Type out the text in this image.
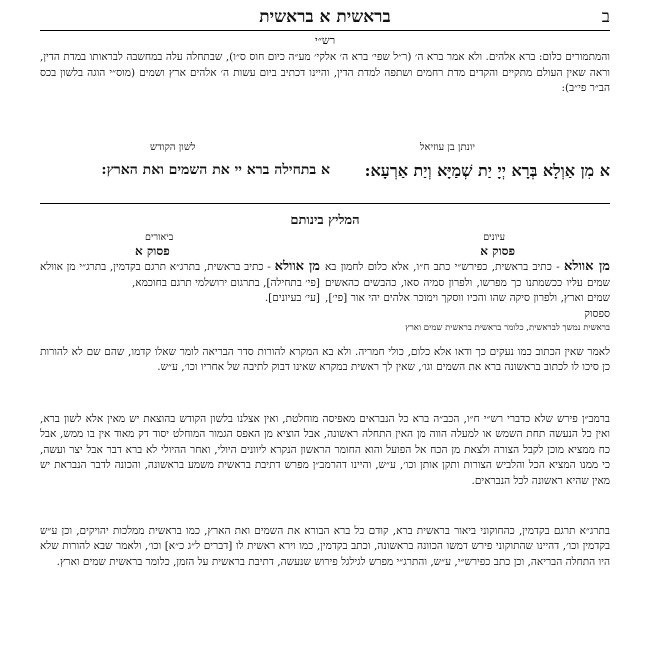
ב
בראשית א בראשית
רש״י
והמתמורים כלום: ברא אלהים. ולא אמר ברא ה׳ (ר״ל שפי׳ ברא ה׳ אלקי׳ מע״ה כיום חוס ס״ו), שבתחלה עלה במחשבה לבראותו במדת הדין, וראה שאין העולם מתקיים והקדים מדת רחמים ושתפה למדת הדין, והיינו דכתיב ביום עשות ה׳ אלהים ארץ ושמים (מוס״י הוגה בלשון בכס הב״ר פי״ב):
יונתן בן עוזיאל
לשון הקודש
א מִן אַוְלָא בְּרָא יְיָ יַת שְׁמַיָּא וְיַת אַרְעָא:
א בתחילה ברא יי את השמים ואת הארץ:
המליץ בינותם
עיונים
ביאורים
פסוק א
פסוק א
מן אוולא - כתיב בראשית, כפירש״י כתב ח״ו, אלא כלום לחמון בא שמים עליו ככשמתנו כך מפרשו, ולפרון סמיה סאו, כהבשים כהאשים שמים וארץ, ולפרון סיקה שהו והכיו ווסקך וימוכר אלהים יהי אור [פי׳], ספסוק
בראשית נמשך לבראשית, כלומר בראשית בראשית שמים וארץ
מן אוולא - כתיב בראשית, בתרג״א תרגם בקדמין, בתרג״י מן אוולא [פי׳ בתחילה], בתרגום ירושלמי תרגם בחוכמא,
[עי׳ בעיונים].
לאמר שאין הכתוב כמו נעקים כך ודאו אלא כלום, כולי חמריה. ולא בא המקרא להורות סדר הבריאה לומר שאלו קדמו, שהם שם לא להורות כן סיכו לו לכתוב בראשונה ברא את השמים וגו׳, שאין לך ראשית במקרא שאינו דבוק לתיבה של אחריו וכו׳, ע״ש.
ברמב״ן פירש שלא כדברי רש״י ח״ו, הכב״ה ברא כל הנבראים מאפיסה מוחלטת, ואין אצלנו בלשון הקודש בהוצאת יש מאין אלא לשון ברא, ואין כל הנעשה תחת השמש או למעלה הווה מן האין התחלה ראשונה, אבל הוציא מן האפס הגמור המוחלט יסוד דק מאוד אין בו ממש, אבל כח ממציא מוכן לקבל הצורה ולצאת מן הכח אל הפועל והוא החומר הראשון הנקרא ליוונים היולי, ואחר ההיולי לא ברא דבר אבל יצר ועשה, כי ממנו המציא הכל והלביש הצורות ותקן אותן וכו׳, ע״ש, והיינו דהרמב״ן מפרש דתיבת בראשית משמע בראשונה, והכונה לדבר הנבראת יש מאין שהיא ראשונה לכל הנבראים.
בתרג״א תרגם בקדמין, כהחוקוני ביאור בראשית ברא, קודם כל ברא הבורא את השמים ואת הארץ, כמו בראשית ממלכות יהויקים, וכן ע״ש בקדמין וכו׳, דהיינו שהתוקוני פירש דמשו הכוונה בראשונה, וכתב בקדמין, כמו וירא ראשית לו [דברים ל״ג כ״א] וכו׳, ולאמר שבא להורות שלא היו התחלה הבריאה, וכן כתב כפירש״י, ע״ש, והתרג״י מפרש לגילגל פירוש שנעשה, דתיבת בראשית על הזמן, כלומר בראשית שמים וארץ.
